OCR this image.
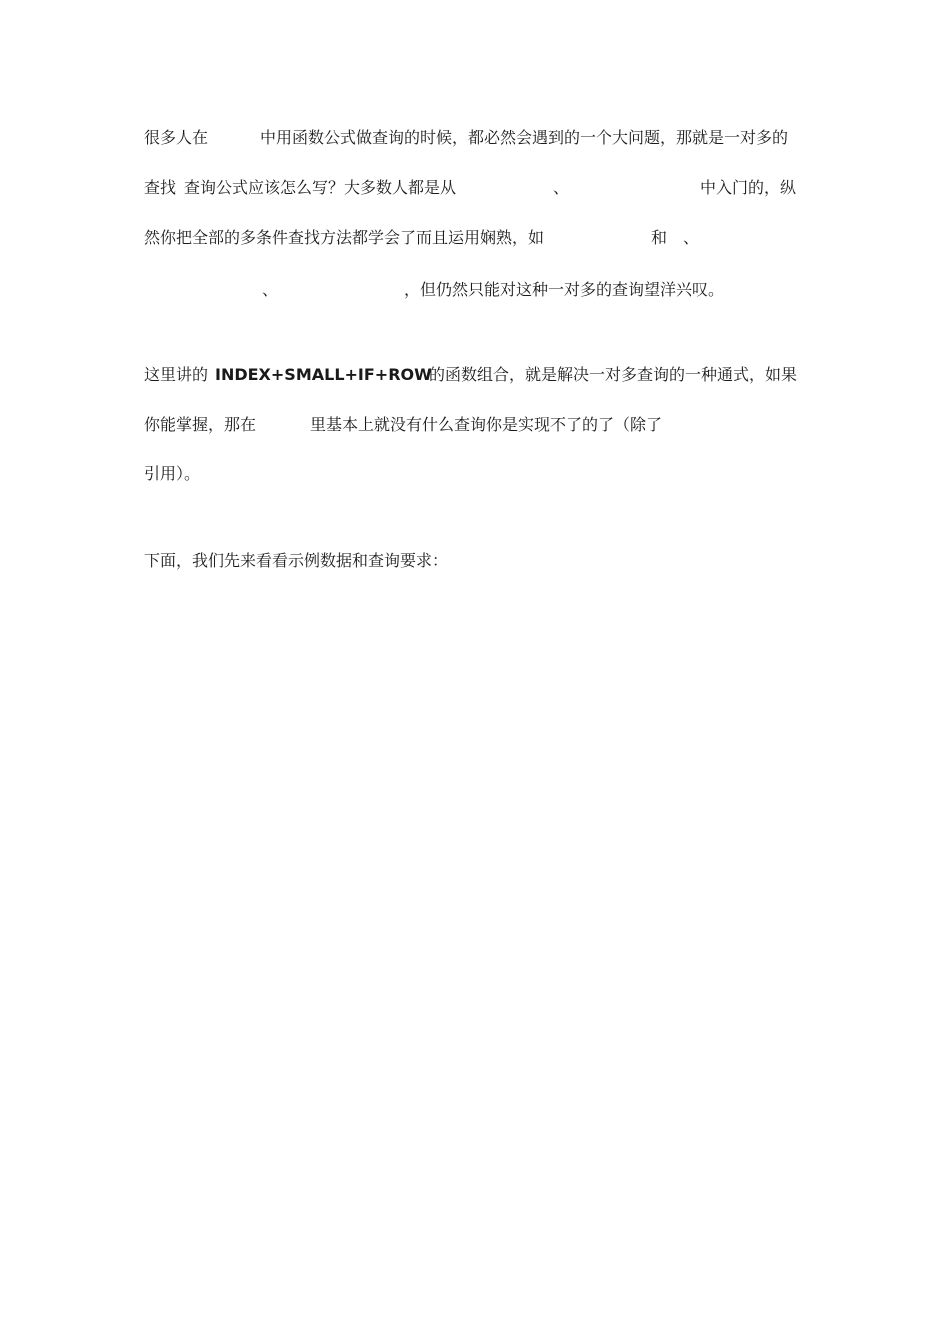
很多人在	中用函数公式做查询的时候，都必然会遇到的一个大问题，那就是一对多的
查找 查询公式应该怎么写？大多数人都是从	、	中入门的，纵
然你把全部的多条件查找方法都学会了而且运用娴熟，如	和 、
、	，但仍然只能对这种一对多的查询望洋兴叹。
这里讲的 INDEX+SMALL+IF+ROW
的函数组合，就是解决一对多查询的一种通式，如果
你能掌握，那在	里基本上就没有什么查询你是实现不了的了（除了
引用）。
下面，我们先来看看示例数据和查询要求：
